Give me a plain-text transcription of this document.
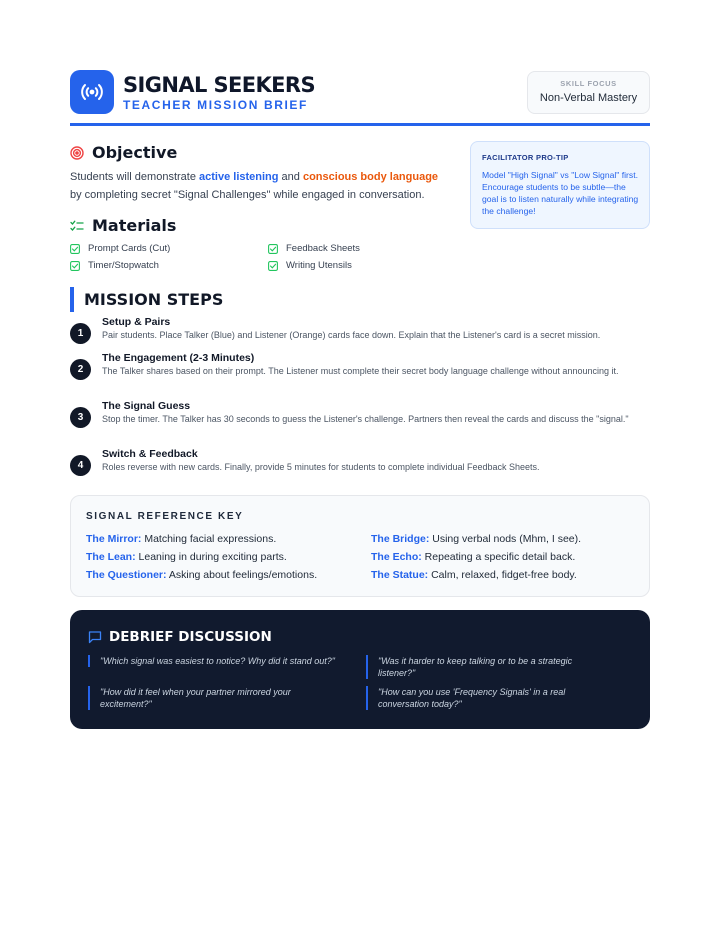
SIGNAL SEEKERS
TEACHER MISSION BRIEF
SKILL FOCUS
Non-Verbal Mastery
Objective
Students will demonstrate active listening and conscious body language by completing secret "Signal Challenges" while engaged in conversation.
FACILITATOR PRO-TIP
Model "High Signal" vs "Low Signal" first. Encourage students to be subtle—the goal is to listen naturally while integrating the challenge!
Materials
Prompt Cards (Cut)	Feedback Sheets
Timer/Stopwatch	Writing Utensils
MISSION STEPS
1
Setup & Pairs
Pair students. Place Talker (Blue) and Listener (Orange) cards face down. Explain that the Listener's card is a secret mission.
2
The Engagement (2-3 Minutes)
The Talker shares based on their prompt. The Listener must complete their secret body language challenge without announcing it.
3
The Signal Guess
Stop the timer. The Talker has 30 seconds to guess the Listener's challenge. Partners then reveal the cards and discuss the "signal."
4
Switch & Feedback
Roles reverse with new cards. Finally, provide 5 minutes for students to complete individual Feedback Sheets.
SIGNAL REFERENCE KEY
The Mirror: Matching facial expressions.	The Bridge: Using verbal nods (Mhm, I see).
The Lean: Leaning in during exciting parts.	The Echo: Repeating a specific detail back.
The Questioner: Asking about feelings/emotions.	The Statue: Calm, relaxed, fidget-free body.
DEBRIEF DISCUSSION
"Which signal was easiest to notice? Why did it stand out?"	"Was it harder to keep talking or to be a strategic listener?"
"How did it feel when your partner mirrored your excitement?"
"How can you use 'Frequency Signals' in a real conversation today?"
